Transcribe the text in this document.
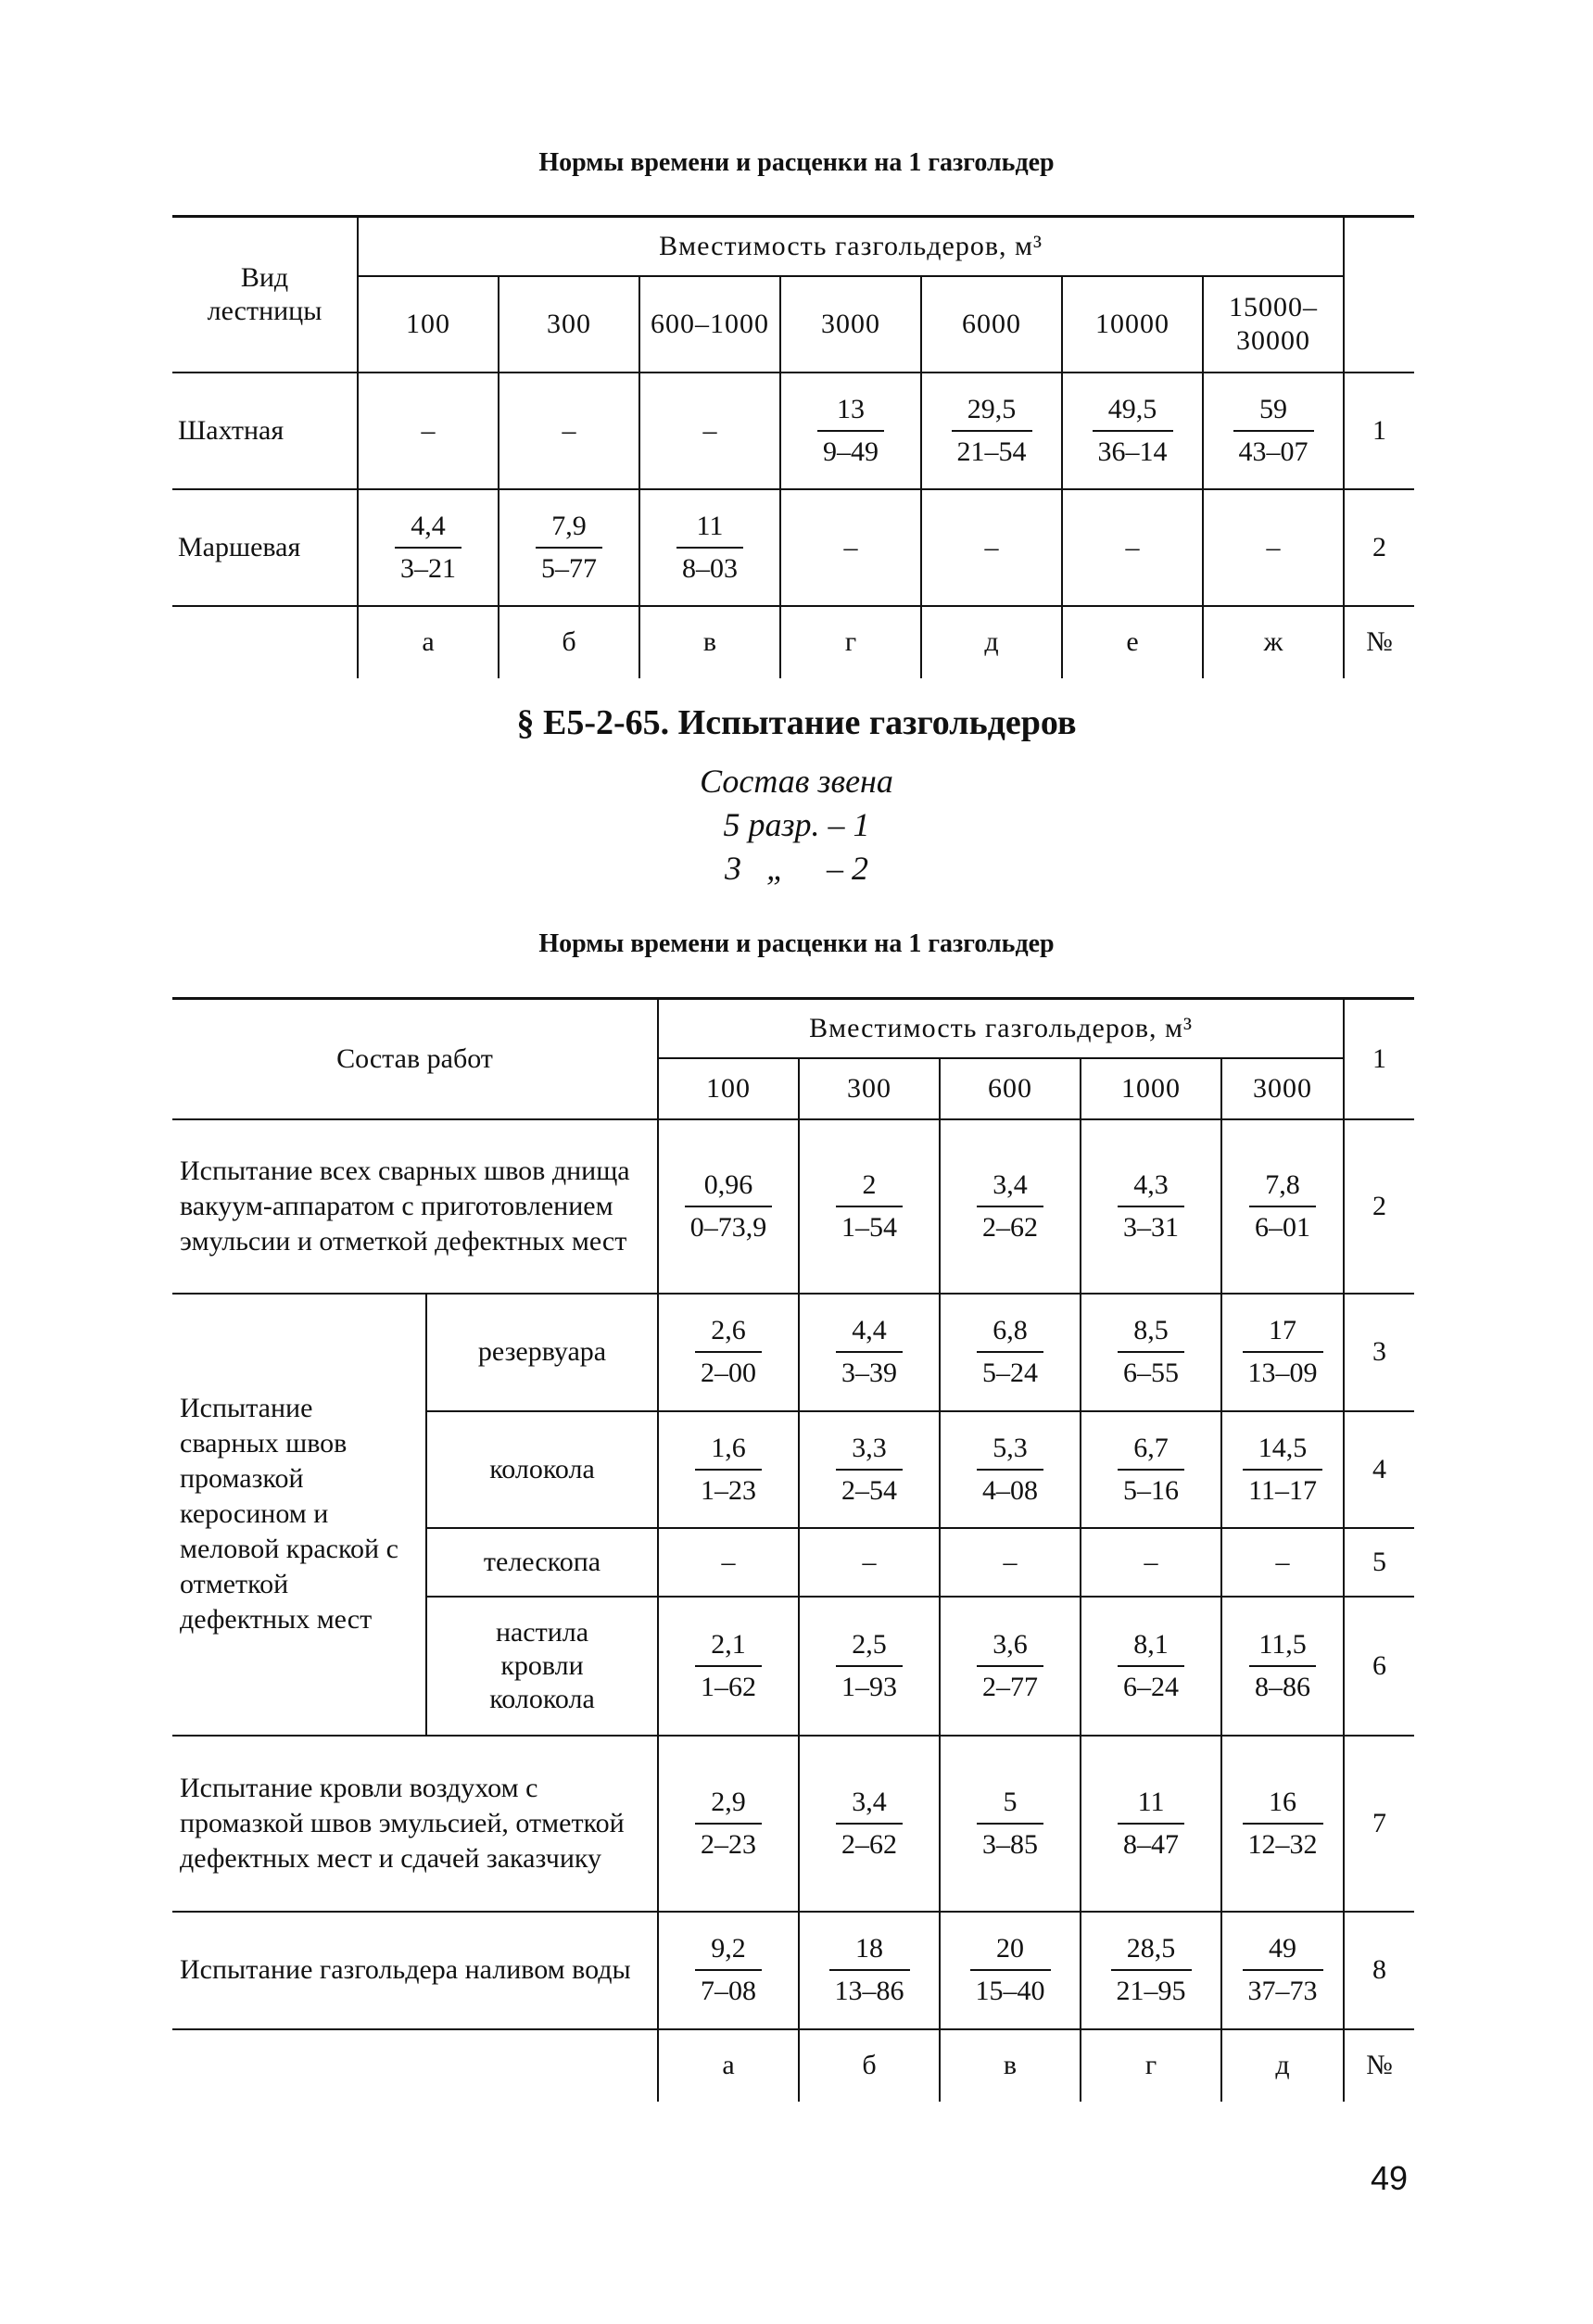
Нормы времени и расценки на 1 газгольдер
Вид лестницы	Вместимость газгольдеров, м³							
	100	300	600–1000	3000	6000	10000	15000–30000	
Шахтная	–	–	–	$\frac{13}{9-49}$	$\frac{29,5}{21-54}$	$\frac{49,5}{36-14}$	$\frac{59}{43-07}$	1
Маршевая	$\frac{4,4}{3-21}$	$\frac{7,9}{5-77}$	$\frac{11}{8-03}$	–	–	–	–	2
	а	б	в	г	д	е	ж	№
§ Е5-2-65. Испытание газгольдеров
Состав звена
5 разр. – 1
3   „     – 2
Нормы времени и расценки на 1 газгольдер
Состав работ		Вместимость газгольдеров, м³					1
		100	300	600	1000	3000	
Испытание всех сварных швов днища вакуум-аппаратом с приготовлением эмульсии и отметкой дефектных мест		$\frac{0,96}{0-73,9}$	$\frac{2}{1-54}$	$\frac{3,4}{2-62}$	$\frac{4,3}{3-31}$	$\frac{7,8}{6-01}$	2
Испытание сварных швов промазкой керосином и меловой краской с отметкой дефектных мест	резервуара	$\frac{2,6}{2-00}$	$\frac{4,4}{3-39}$	$\frac{6,8}{5-24}$	$\frac{8,5}{6-55}$	$\frac{17}{13-09}$	3
	колокола	$\frac{1,6}{1-23}$	$\frac{3,3}{2-54}$	$\frac{5,3}{4-08}$	$\frac{6,7}{5-16}$	$\frac{14,5}{11-17}$	4
	телескопа	–	–	–	–	–	5
	настила кровли колокола	$\frac{2,1}{1-62}$	$\frac{2,5}{1-93}$	$\frac{3,6}{2-77}$	$\frac{8,1}{6-24}$	$\frac{11,5}{8-86}$	6
Испытание кровли воздухом с промазкой швов эмульсией, отметкой дефектных мест и сдачей заказчику		$\frac{2,9}{2-23}$	$\frac{3,4}{2-62}$	$\frac{5}{3-85}$	$\frac{11}{8-47}$	$\frac{16}{12-32}$	7
Испытание газгольдера наливом воды		$\frac{9,2}{7-08}$	$\frac{18}{13-86}$	$\frac{20}{15-40}$	$\frac{28,5}{21-95}$	$\frac{49}{37-73}$	8
		а	б	в	г	д	№
49
